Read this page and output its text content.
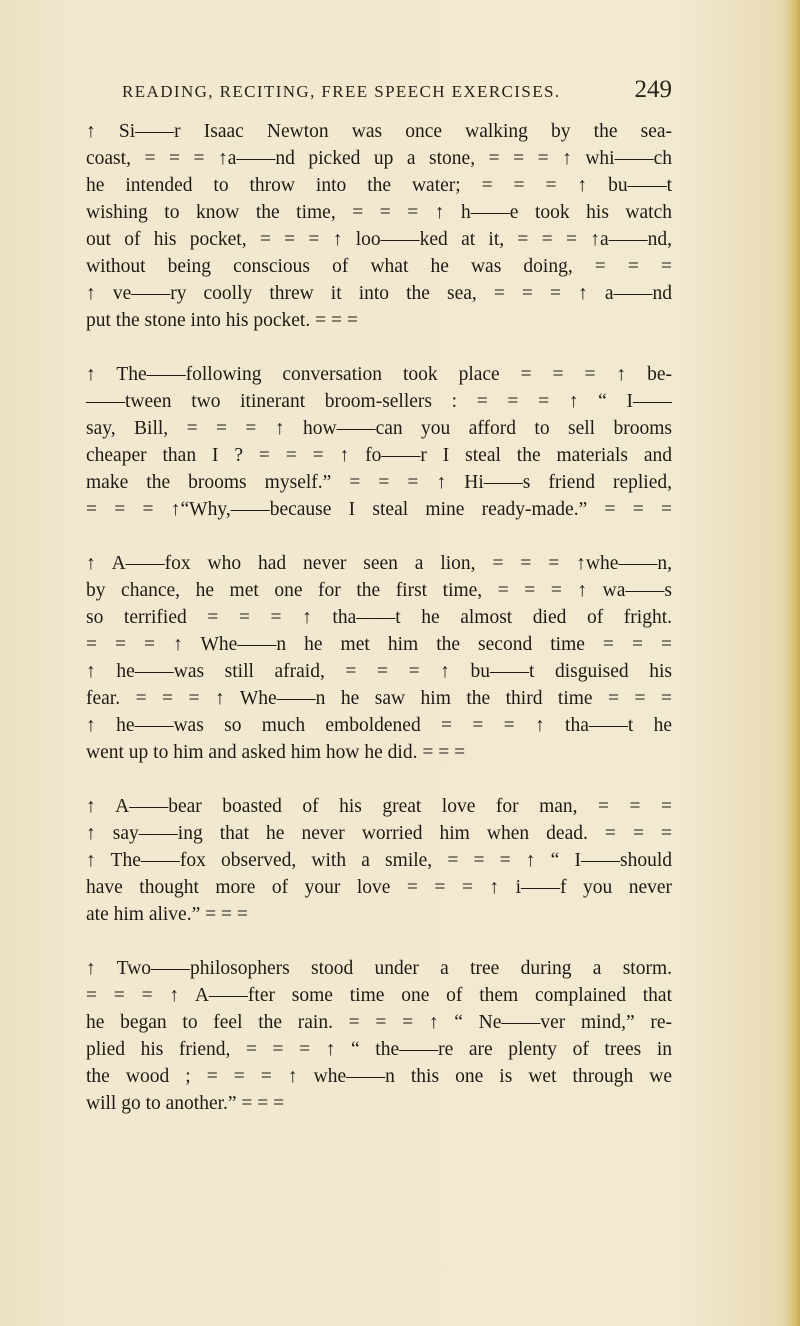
READING, RECITING, FREE SPEECH EXERCISES.	249

↑ Si——r Isaac Newton was once walking by the sea-
coast, = = = ↑a——nd picked up a stone, = = = ↑ whi——ch
he intended to throw into the water; = = = ↑ bu——t
wishing to know the time, = = = ↑ h——e took his watch
out of his pocket, = = = ↑ loo——ked at it, = = = ↑a——nd,
without being conscious of what he was doing, = = =
↑ ve——ry coolly threw it into the sea, = = = ↑ a——nd
put the stone into his pocket. = = =

↑ The——following conversation took place = = = ↑ be-
——tween two itinerant broom-sellers : = = = ↑ “ I——
say, Bill, = = = ↑ how——can you afford to sell brooms
cheaper than I ? = = = ↑ fo——r I steal the materials and
make the brooms myself.” = = = ↑ Hi——s friend replied,
= = = ↑“Why,——because I steal mine ready-made.” = = =

↑ A——fox who had never seen a lion, = = = ↑whe——n,
by chance, he met one for the first time, = = = ↑ wa——s
so terrified = = = ↑ tha——t he almost died of fright.
= = = ↑ Whe——n he met him the second time = = =
↑ he——was still afraid, = = = ↑ bu——t disguised his
fear. = = = ↑ Whe——n he saw him the third time = = =
↑ he——was so much emboldened = = = ↑ tha——t he
went up to him and asked him how he did. = = =

↑ A——bear boasted of his great love for man, = = =
↑ say——ing that he never worried him when dead. = = =
↑ The——fox observed, with a smile, = = = ↑ “ I——should
have thought more of your love = = = ↑ i——f you never
ate him alive.” = = =

↑ Two——philosophers stood under a tree during a storm.
= = = ↑ A——fter some time one of them complained that
he began to feel the rain. = = = ↑ “ Ne——ver mind,” re-
plied his friend, = = = ↑ “ the——re are plenty of trees in
the wood ; = = = ↑ whe——n this one is wet through we
will go to another.” = = =
